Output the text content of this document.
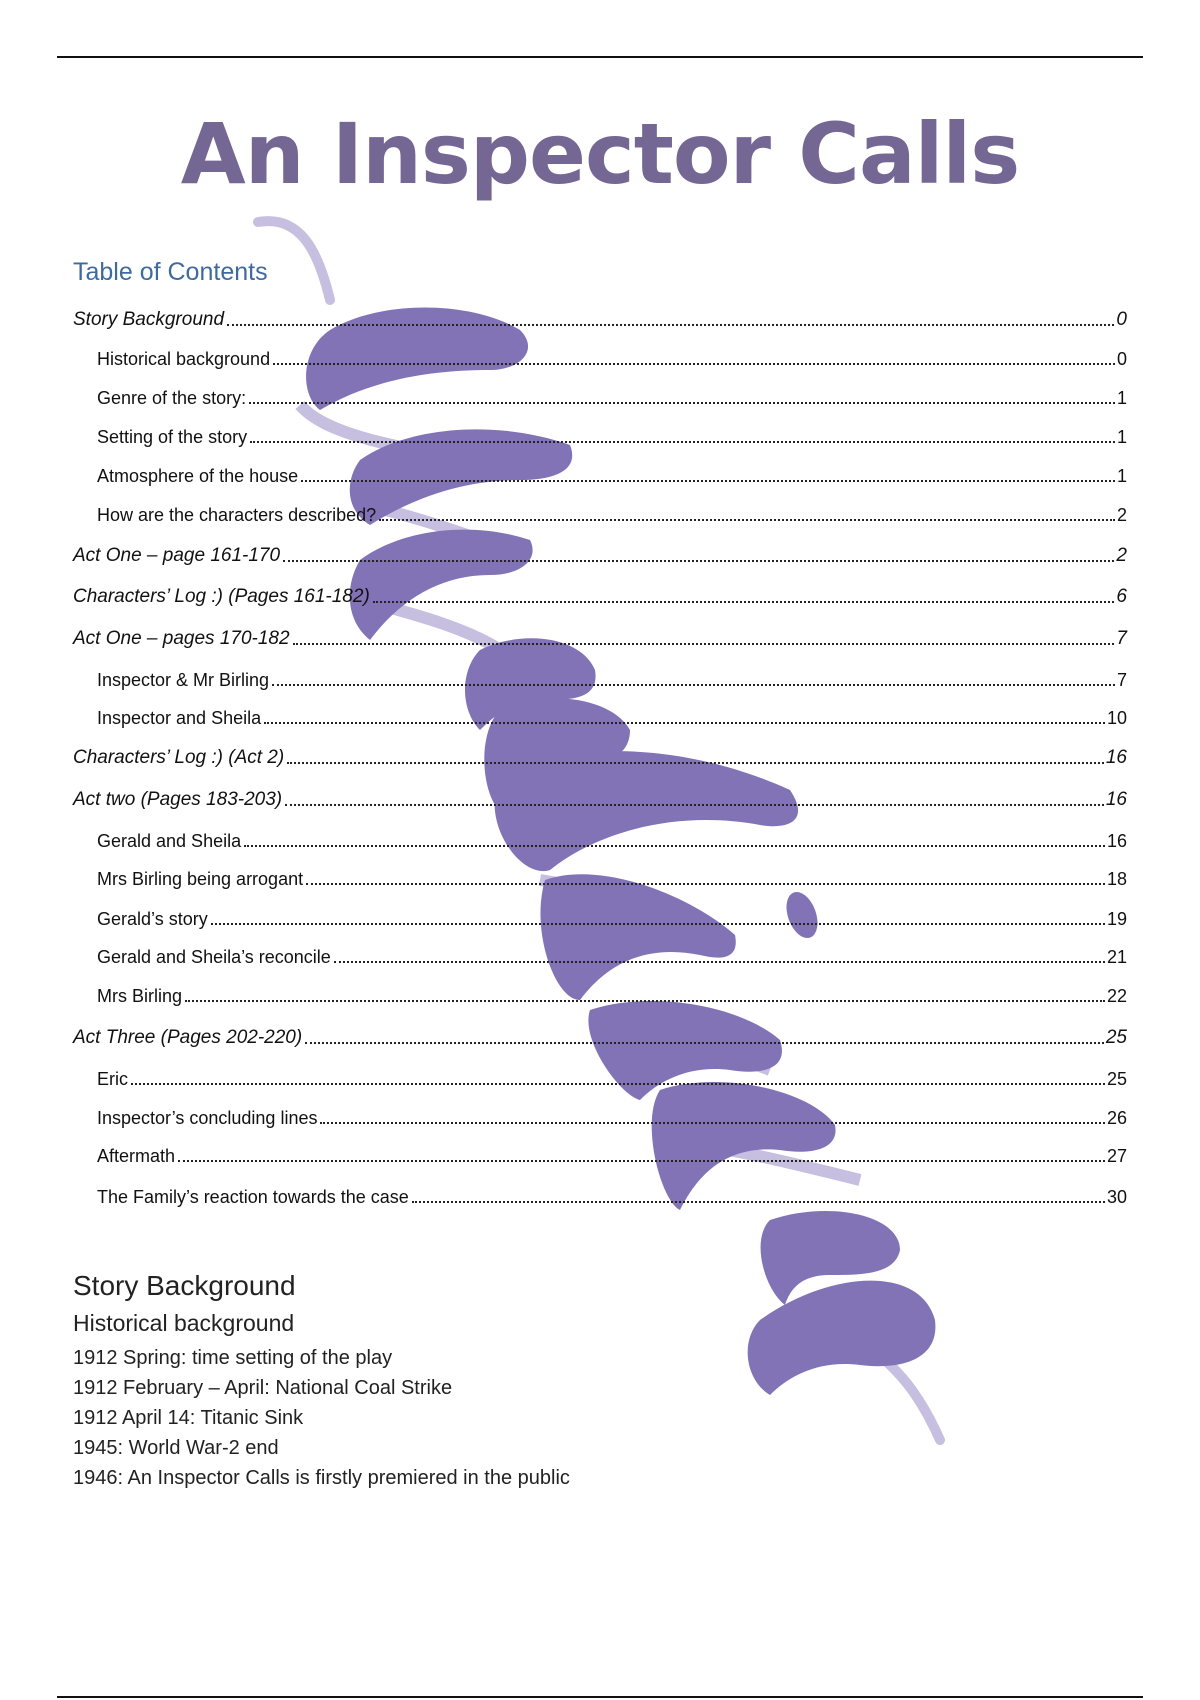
An Inspector Calls
Table of Contents
Story Background	0
Historical background	0
Genre of the story:	1
Setting of the story	1
Atmosphere of the house	1
How are the characters described?	2
Act One – page 161-170	2
Characters’ Log :) (Pages 161-182)	6
Act One – pages 170-182	7
Inspector & Mr Birling	7
Inspector and Sheila	10
Characters’ Log :) (Act 2)	16
Act two (Pages 183-203)	16
Gerald and Sheila	16
Mrs Birling being arrogant	18
Gerald’s story	19
Gerald and Sheila’s reconcile	21
Mrs Birling	22
Act Three (Pages 202-220)	25
Eric	25
Inspector’s concluding lines	26
Aftermath	27
The Family’s reaction towards the case	30
Story Background
Historical background
1912 Spring: time setting of the play
1912 February – April: National Coal Strike
1912 April 14: Titanic Sink
1945: World War-2 end
1946: An Inspector Calls is firstly premiered in the public
